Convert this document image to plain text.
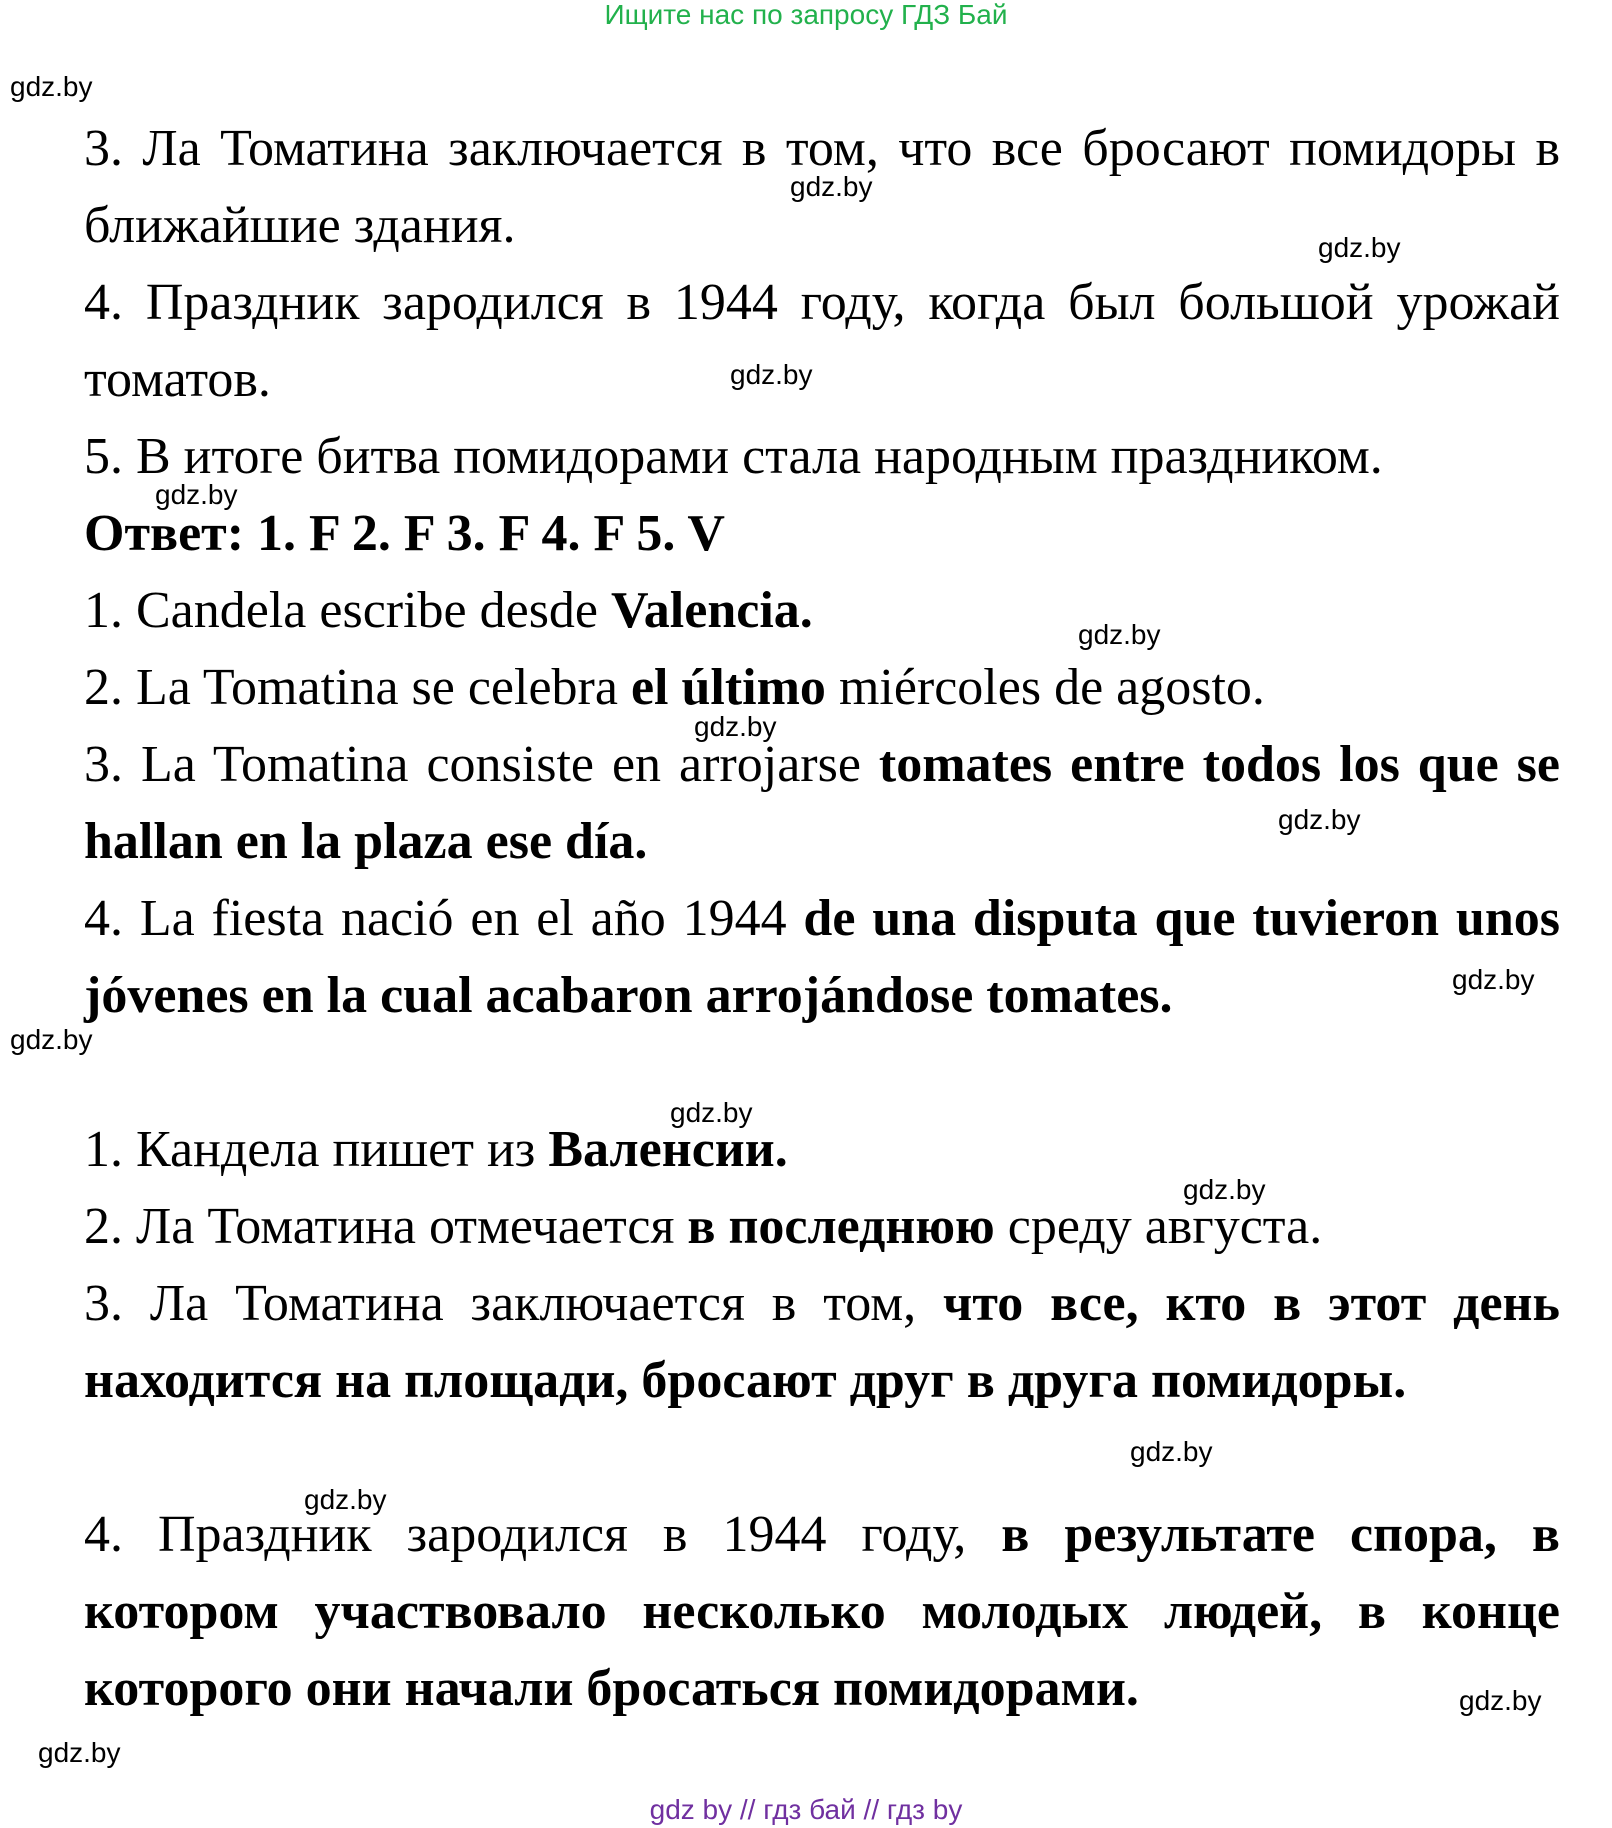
Ищите нас по запросу ГДЗ Бай
gdz.by
gdz.by
gdz.by
gdz.by
gdz.by
gdz.by
gdz.by
gdz.by
gdz.by
gdz.by
gdz.by
gdz.by
gdz.by
gdz.by
gdz.by
gdz.by

3. Ла Томатина заключается в том, что все бросают помидоры в ближайшие здания.

4. Праздник зародился в 1944 году, когда был большой урожай томатов.

5. В итоге битва помидорами стала народным праздником.

Ответ: 1. F 2. F 3. F 4. F 5. V

1. Candela escribe desde Valencia.

2. La Tomatina se celebra el último miércoles de agosto.

3. La Tomatina consiste en arrojarse tomates entre todos los que se hallan en la plaza ese día.

4. La fiesta nació en el año 1944 de una disputa que tuvieron unos jóvenes en la cual acabaron arrojándose tomates.

1. Кандела пишет из Валенсии.

2. Ла Томатина отмечается в последнюю среду августа.

3. Ла Томатина заключается в том, что все, кто в этот день находится на площади, бросают друг в друга помидоры.

4. Праздник зародился в 1944 году, в результате спора, в котором участвовало несколько молодых людей, в конце которого они начали бросаться помидорами.

gdz by // гдз бай // гдз by
